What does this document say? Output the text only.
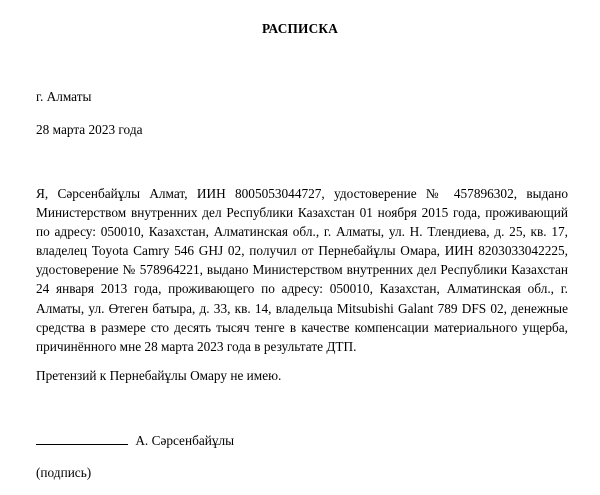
РАСПИСКА
г. Алматы
28 марта 2023 года
Я, Сәрсенбайұлы Алмат, ИИН 8005053044727, удостоверение № 457896302, выдано Министерством внутренних дел Республики Казахстан 01 ноября 2015 года, проживающий по адресу: 050010, Казахстан, Алматинская обл., г. Алматы, ул. Н. Тлендиева, д. 25, кв. 17, владелец Toyota Camry 546 GHJ 02, получил от Пернебайұлы Омара, ИИН 8203033042225, удостоверение № 578964221, выдано Министерством внутренних дел Республики Казахстан 24 января 2013 года, проживающего по адресу: 050010, Казахстан, Алматинская обл., г. Алматы, ул. Өтеген батыра, д. 33, кв. 14, владельца Mitsubishi Galant 789 DFS 02, денежные средства в размере сто десять тысяч тенге в качестве компенсации материального ущерба, причинённого мне 28 марта 2023 года в результате ДТП.
Претензий к Пернебайұлы Омару не имею.
А. Сәрсенбайұлы
(подпись)
